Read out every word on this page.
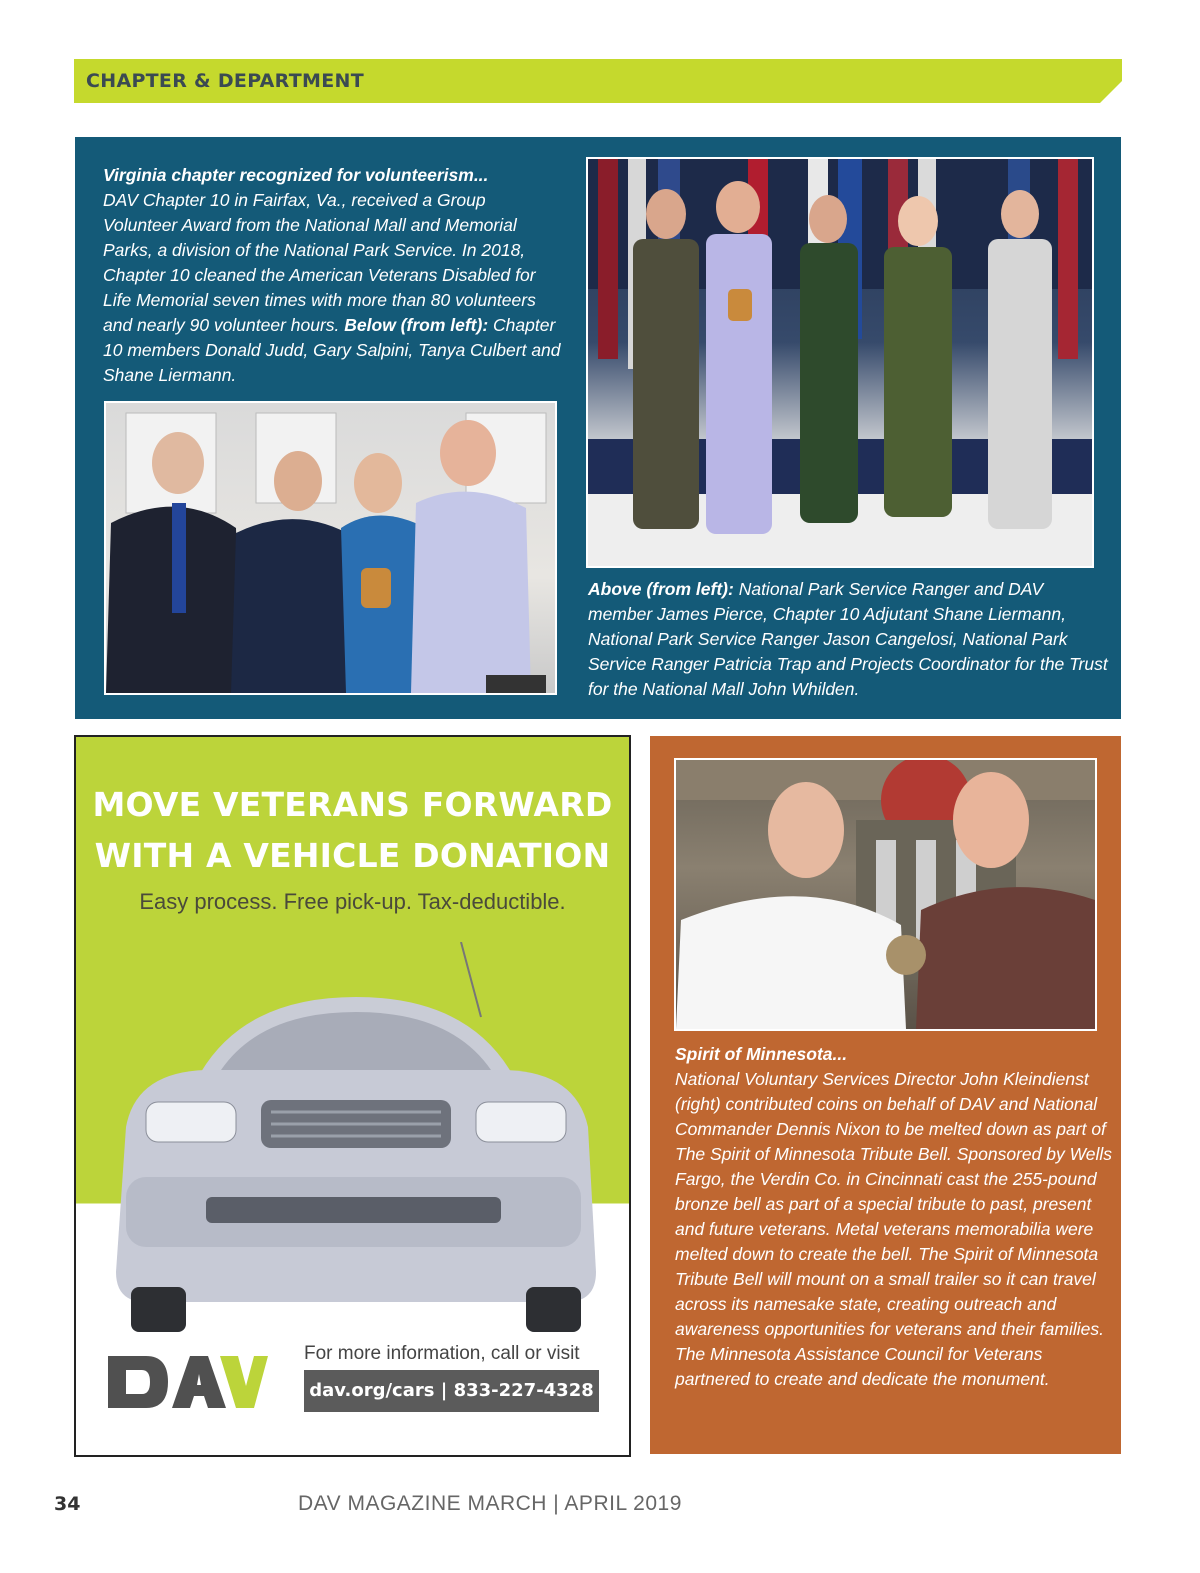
CHAPTER & DEPARTMENT
Virginia chapter recognized for volunteerism...
DAV Chapter 10 in Fairfax, Va., received a Group Volunteer Award from the National Mall and Memorial Parks, a division of the National Park Service. In 2018, Chapter 10 cleaned the American Veterans Disabled for Life Memorial seven times with more than 80 volunteers and nearly 90 volunteer hours. Below (from left): Chapter 10 members Donald Judd, Gary Salpini, Tanya Culbert and Shane Liermann.
Above (from left): National Park Service Ranger and DAV member James Pierce, Chapter 10 Adjutant Shane Liermann, National Park Service Ranger Jason Cangelosi, National Park Service Ranger Patricia Trap and Projects Coordinator for the Trust for the National Mall John Whilden.
MOVE VETERANS FORWARD
WITH A VEHICLE DONATION
Easy process. Free pick-up. Tax-deductible.
For more information, call or visit
dav.org/cars | 833-227-4328
Spirit of Minnesota...
National Voluntary Services Director John Kleindienst (right) contributed coins on behalf of DAV and National Commander Dennis Nixon to be melted down as part of The Spirit of Minnesota Tribute Bell. Sponsored by Wells Fargo, the Verdin Co. in Cincinnati cast the 255-pound bronze bell as part of a special tribute to past, present and future veterans. Metal veterans memorabilia were melted down to create the bell. The Spirit of Minnesota Tribute Bell will mount on a small trailer so it can travel across its namesake state, creating outreach and awareness opportunities for veterans and their families. The Minnesota Assistance Council for Veterans partnered to create and dedicate the monument.
34	DAV MAGAZINE MARCH | APRIL 2019
